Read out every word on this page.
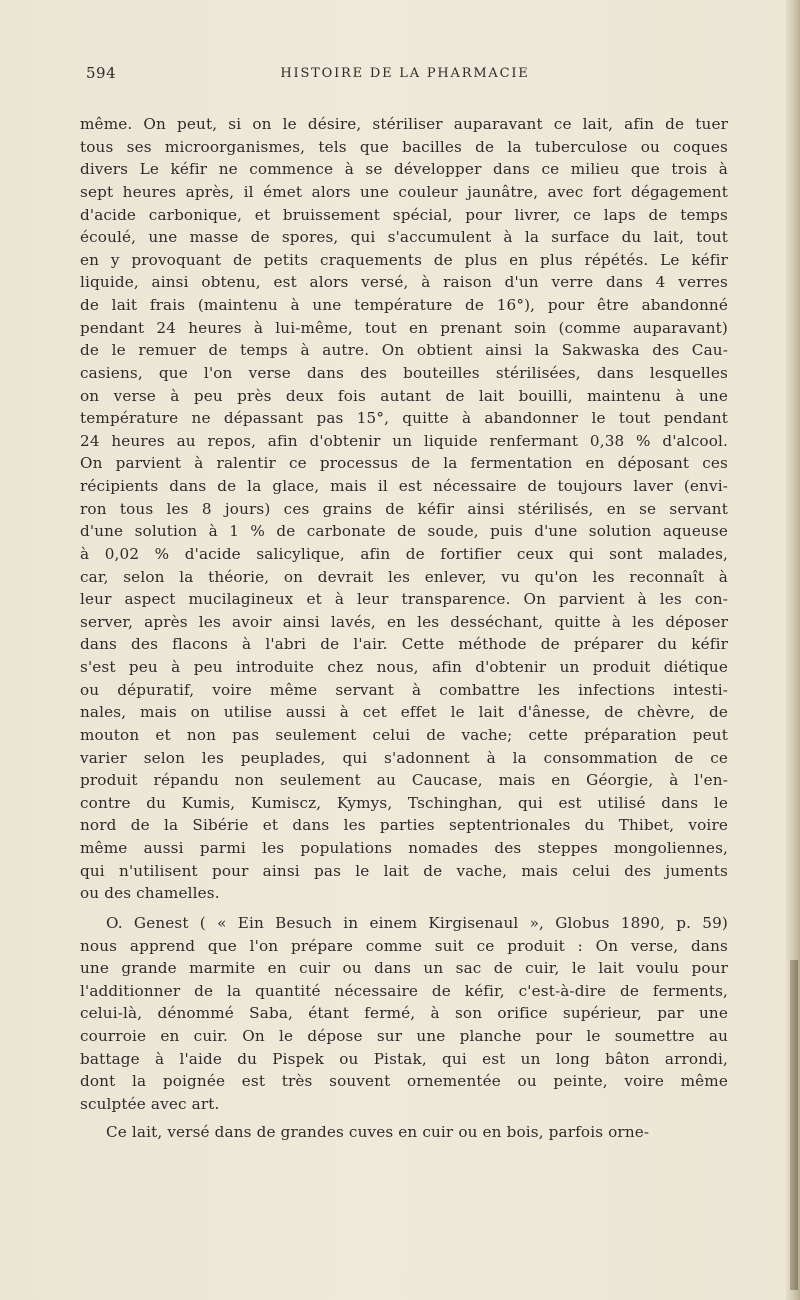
594	HISTOIRE DE LA PHARMACIE

même. On peut, si on le désire, stériliser auparavant ce lait, afin de tuer
tous ses microorganismes, tels que bacilles de la tuberculose ou coques
divers Le kéfir ne commence à se développer dans ce milieu que trois à
sept heures après, il émet alors une couleur jaunâtre, avec fort dégagement
d'acide carbonique, et bruissement spécial, pour livrer, ce laps de temps
écoulé, une masse de spores, qui s'accumulent à la surface du lait, tout
en y provoquant de petits craquements de plus en plus répétés. Le kéfir
liquide, ainsi obtenu, est alors versé, à raison d'un verre dans 4 verres
de lait frais (maintenu à une température de 16°), pour être abandonné
pendant 24 heures à lui-même, tout en prenant soin (comme auparavant)
de le remuer de temps à autre. On obtient ainsi la Sakwaska des Cau-
casiens, que l'on verse dans des bouteilles stérilisées, dans lesquelles
on verse à peu près deux fois autant de lait bouilli, maintenu à une
température ne dépassant pas 15°, quitte à abandonner le tout pendant
24 heures au repos, afin d'obtenir un liquide renfermant 0,38 % d'alcool.
On parvient à ralentir ce processus de la fermentation en déposant ces
récipients dans de la glace, mais il est nécessaire de toujours laver (envi-
ron tous les 8 jours) ces grains de kéfir ainsi stérilisés, en se servant
d'une solution à 1 % de carbonate de soude, puis d'une solution aqueuse
à 0,02 % d'acide salicylique, afin de fortifier ceux qui sont malades,
car, selon la théorie, on devrait les enlever, vu qu'on les reconnaît à
leur aspect mucilagineux et à leur transparence. On parvient à les con-
server, après les avoir ainsi lavés, en les desséchant, quitte à les déposer
dans des flacons à l'abri de l'air. Cette méthode de préparer du kéfir
s'est peu à peu introduite chez nous, afin d'obtenir un produit diétique
ou dépuratif, voire même servant à combattre les infections intesti-
nales, mais on utilise aussi à cet effet le lait d'ânesse, de chèvre, de
mouton et non pas seulement celui de vache; cette préparation peut
varier selon les peuplades, qui s'adonnent à la consommation de ce
produit répandu non seulement au Caucase, mais en Géorgie, à l'en-
contre du Kumis, Kumiscz, Kymys, Tschinghan, qui est utilisé dans le
nord de la Sibérie et dans les parties septentrionales du Thibet, voire
même aussi parmi les populations nomades des steppes mongoliennes,
qui n'utilisent pour ainsi pas le lait de vache, mais celui des juments
ou des chamelles.

O. Genest ( « Ein Besuch in einem Kirgisenaul », Globus 1890, p. 59)
nous apprend que l'on prépare comme suit ce produit : On verse, dans
une grande marmite en cuir ou dans un sac de cuir, le lait voulu pour
l'additionner de la quantité nécessaire de kéfir, c'est-à-dire de ferments,
celui-là, dénommé Saba, étant fermé, à son orifice supérieur, par une
courroie en cuir. On le dépose sur une planche pour le soumettre au
battage à l'aide du Pispek ou Pistak, qui est un long bâton arrondi,
dont la poignée est très souvent ornementée ou peinte, voire même
sculptée avec art.

Ce lait, versé dans de grandes cuves en cuir ou en bois, parfois orne-
